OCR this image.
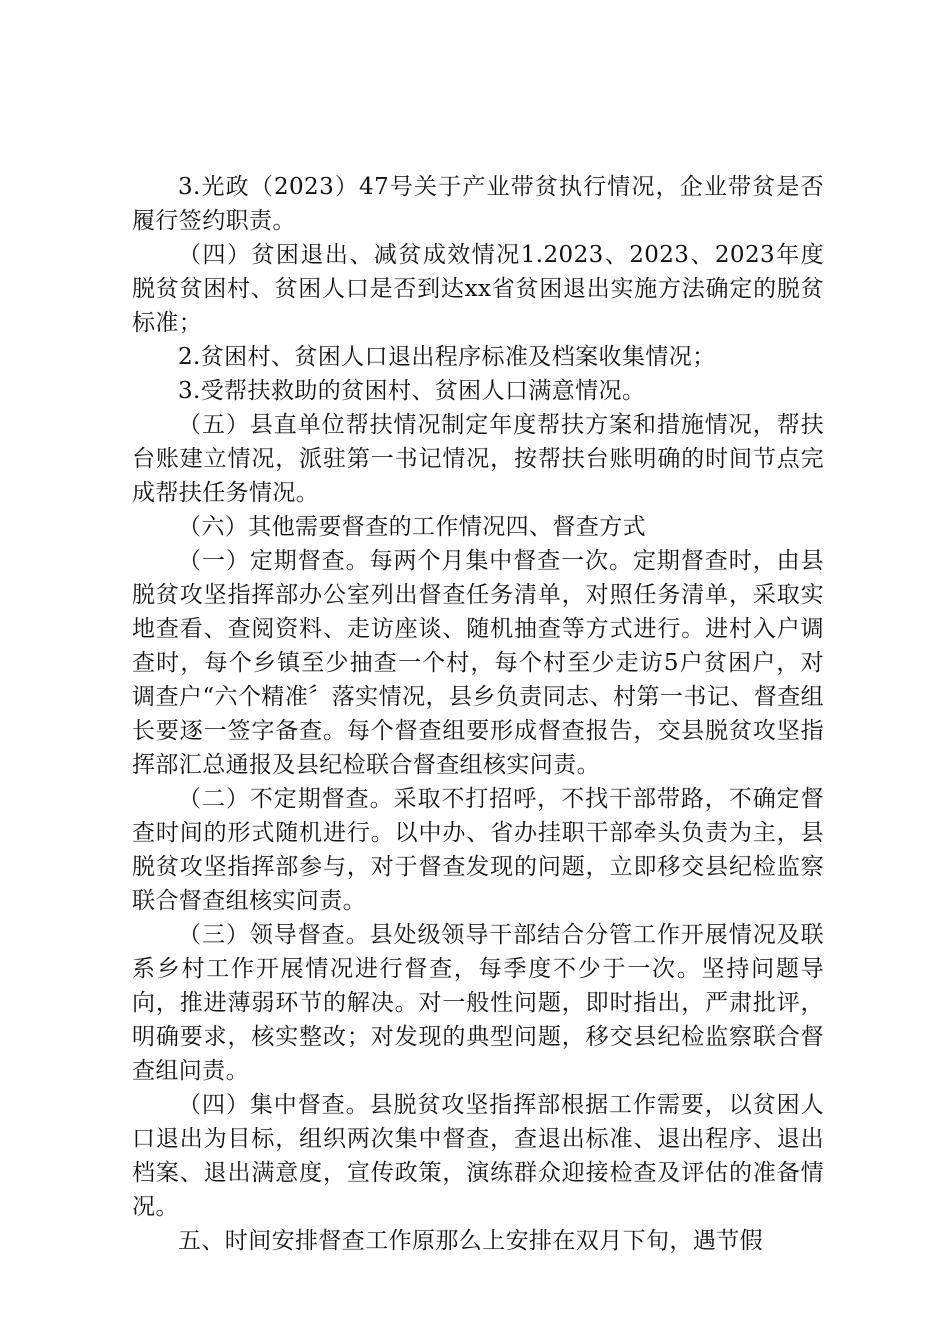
3.光政（2023）47号关于产业带贫执行情况，企业带贫是否履行签约职责。

（四）贫困退出、减贫成效情况1.2023、2023、2023年度脱贫贫困村、贫困人口是否到达xx省贫困退出实施方法确定的脱贫标准；

2.贫困村、贫困人口退出程序标准及档案收集情况；

3.受帮扶救助的贫困村、贫困人口满意情况。

（五）县直单位帮扶情况制定年度帮扶方案和措施情况，帮扶台账建立情况，派驻第一书记情况，按帮扶台账明确的时间节点完成帮扶任务情况。

（六）其他需要督查的工作情况四、督查方式

（一）定期督查。每两个月集中督查一次。定期督查时，由县脱贫攻坚指挥部办公室列出督查任务清单，对照任务清单，采取实地查看、查阅资料、走访座谈、随机抽查等方式进行。进村入户调查时，每个乡镇至少抽查一个村，每个村至少走访5户贫困户，对调查户“六个精准〞落实情况，县乡负责同志、村第一书记、督查组长要逐一签字备查。每个督查组要形成督查报告，交县脱贫攻坚指挥部汇总通报及县纪检联合督查组核实问责。

（二）不定期督查。采取不打招呼，不找干部带路，不确定督查时间的形式随机进行。以中办、省办挂职干部牵头负责为主，县脱贫攻坚指挥部参与，对于督查发现的问题，立即移交县纪检监察联合督查组核实问责。

（三）领导督查。县处级领导干部结合分管工作开展情况及联系乡村工作开展情况进行督查，每季度不少于一次。坚持问题导向，推进薄弱环节的解决。对一般性问题，即时指出，严肃批评，明确要求，核实整改；对发现的典型问题，移交县纪检监察联合督查组问责。

（四）集中督查。县脱贫攻坚指挥部根据工作需要，以贫困人口退出为目标，组织两次集中督查，查退出标准、退出程序、退出档案、退出满意度，宣传政策，演练群众迎接检查及评估的准备情况。

五、时间安排督查工作原那么上安排在双月下旬，遇节假
